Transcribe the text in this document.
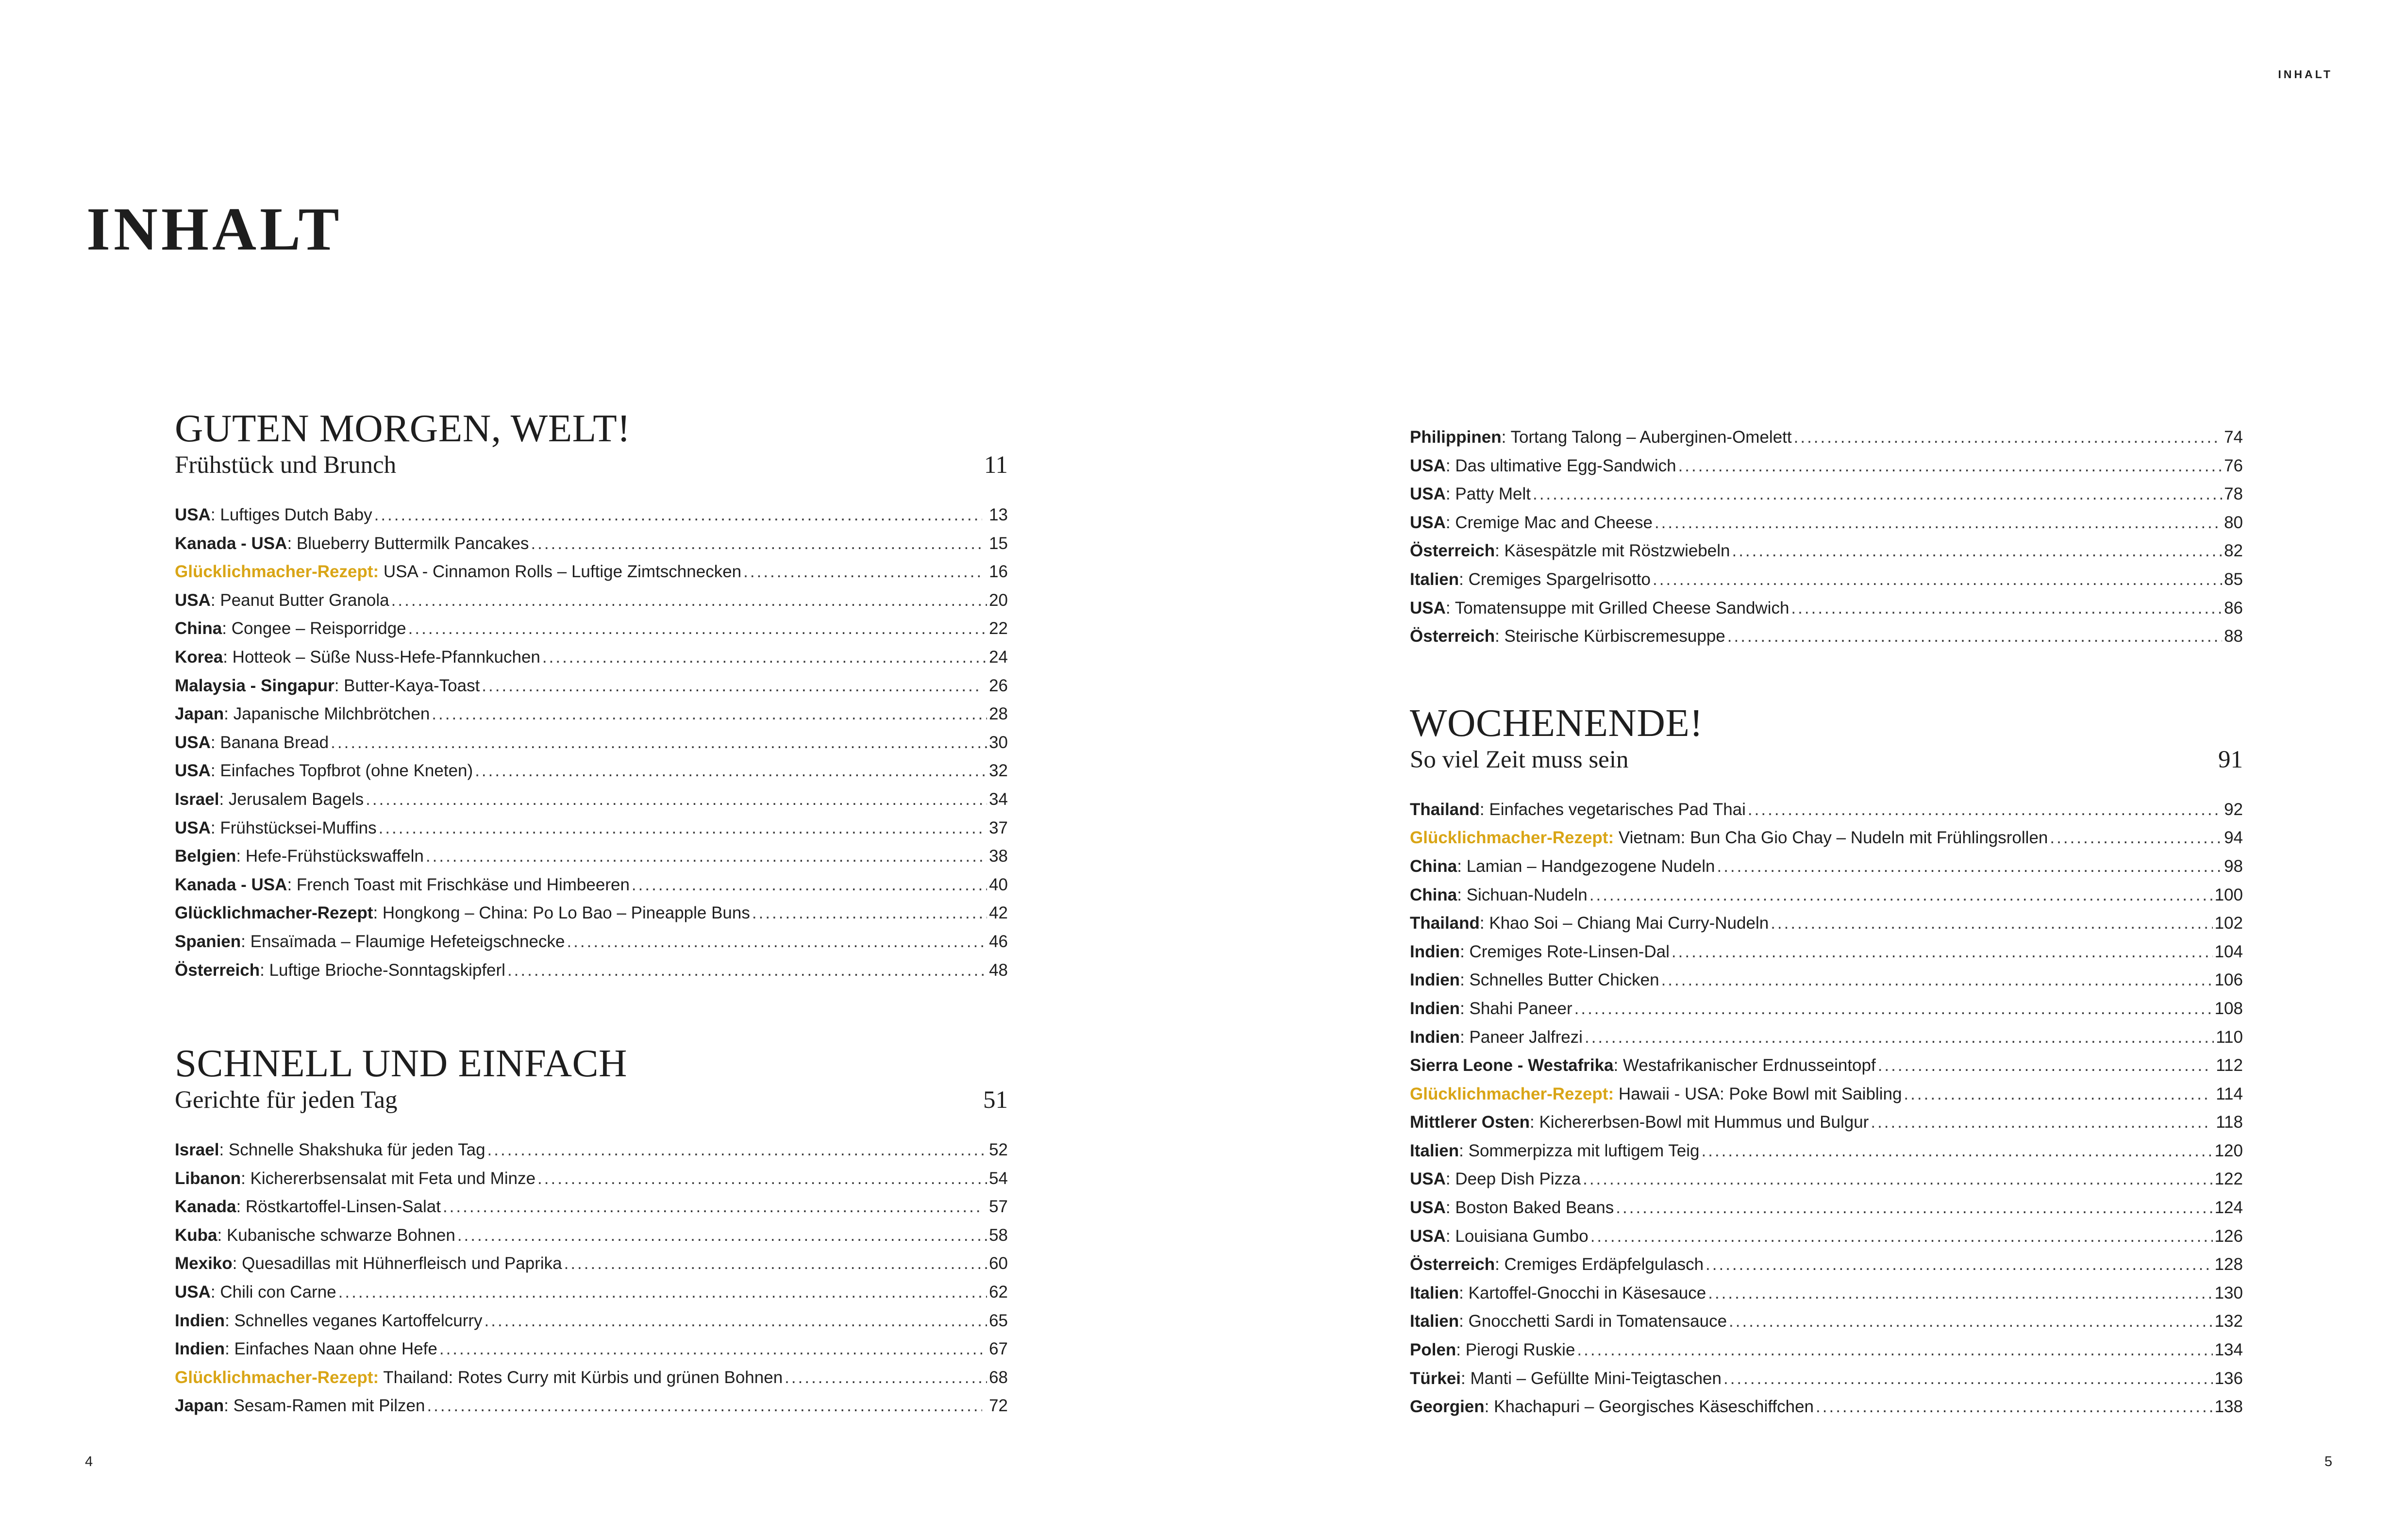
INHALT
GUTEN MORGEN, WELT!
Frühstück und Brunch	11
USA: Luftiges Dutch Baby .....	13
Kanada - USA: Blueberry Buttermilk Pancakes .....	15
Glücklichmacher-Rezept: USA - Cinnamon Rolls – Luftige Zimtschnecken .....	16
USA: Peanut Butter Granola .....	20
China: Congee – Reisporridge .....	22
Korea: Hotteok – Süße Nuss-Hefe-Pfannkuchen .....	24
Malaysia - Singapur: Butter-Kaya-Toast .....	26
Japan: Japanische Milchbrötchen .....	28
USA: Banana Bread .....	30
USA: Einfaches Topfbrot (ohne Kneten) .....	32
Israel: Jerusalem Bagels .....	34
USA: Frühstücksei-Muffins .....	37
Belgien: Hefe-Frühstückswaffeln .....	38
Kanada - USA: French Toast mit Frischkäse und Himbeeren .....	40
Glücklichmacher-Rezept: Hongkong – China: Po Lo Bao – Pineapple Buns .....	42
Spanien: Ensaïmada – Flaumige Hefeteigschnecke .....	46
Österreich: Luftige Brioche-Sonntagskipferl .....	48
SCHNELL UND EINFACH
Gerichte für jeden Tag	51
Israel: Schnelle Shakshuka für jeden Tag .....	52
Libanon: Kichererbsensalat mit Feta und Minze .....	54
Kanada: Röstkartoffel-Linsen-Salat .....	57
Kuba: Kubanische schwarze Bohnen .....	58
Mexiko: Quesadillas mit Hühnerfleisch und Paprika .....	60
USA: Chili con Carne .....	62
Indien: Schnelles veganes Kartoffelcurry .....	65
Indien: Einfaches Naan ohne Hefe .....	67
Glücklichmacher-Rezept: Thailand: Rotes Curry mit Kürbis und grünen Bohnen .....	68
Japan: Sesam-Ramen mit Pilzen .....	72
4
INHALT
Philippinen: Tortang Talong – Auberginen-Omelett .....	74
USA: Das ultimative Egg-Sandwich .....	76
USA: Patty Melt .....	78
USA: Cremige Mac and Cheese .....	80
Österreich: Käsespätzle mit Röstzwiebeln .....	82
Italien: Cremiges Spargelrisotto .....	85
USA: Tomatensuppe mit Grilled Cheese Sandwich .....	86
Österreich: Steirische Kürbiscremesuppe .....	88
WOCHENENDE!
So viel Zeit muss sein	91
Thailand: Einfaches vegetarisches Pad Thai .....	92
Glücklichmacher-Rezept: Vietnam: Bun Cha Gio Chay – Nudeln mit Frühlingsrollen .....	94
China: Lamian – Handgezogene Nudeln .....	98
China: Sichuan-Nudeln .....	100
Thailand: Khao Soi – Chiang Mai Curry-Nudeln .....	102
Indien: Cremiges Rote-Linsen-Dal .....	104
Indien: Schnelles Butter Chicken .....	106
Indien: Shahi Paneer .....	108
Indien: Paneer Jalfrezi .....	110
Sierra Leone - Westafrika: Westafrikanischer Erdnusseintopf .....	112
Glücklichmacher-Rezept: Hawaii - USA: Poke Bowl mit Saibling .....	114
Mittlerer Osten: Kichererbsen-Bowl mit Hummus und Bulgur .....	118
Italien: Sommerpizza mit luftigem Teig .....	120
USA: Deep Dish Pizza .....	122
USA: Boston Baked Beans .....	124
USA: Louisiana Gumbo .....	126
Österreich: Cremiges Erdäpfelgulasch .....	128
Italien: Kartoffel-Gnocchi in Käsesauce .....	130
Italien: Gnocchetti Sardi in Tomatensauce .....	132
Polen: Pierogi Ruskie .....	134
Türkei: Manti – Gefüllte Mini-Teigtaschen .....	136
Georgien: Khachapuri – Georgisches Käseschiffchen .....	138
5
